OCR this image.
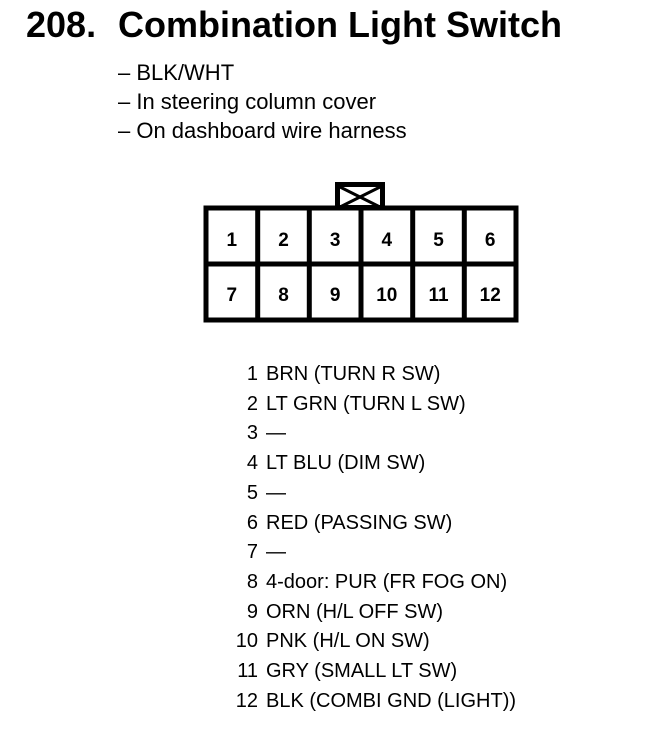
208. Combination Light Switch
– BLK/WHT
– In steering column cover
– On dashboard wire harness
1 2 3 4 5 6
7 8 9 10 11 12
1 BRN (TURN R SW)
2 LT GRN (TURN L SW)
3 —
4 LT BLU (DIM SW)
5 —
6 RED (PASSING SW)
7 —
8 4-door: PUR (FR FOG ON)
9 ORN (H/L OFF SW)
10 PNK (H/L ON SW)
11 GRY (SMALL LT SW)
12 BLK (COMBI GND (LIGHT))
